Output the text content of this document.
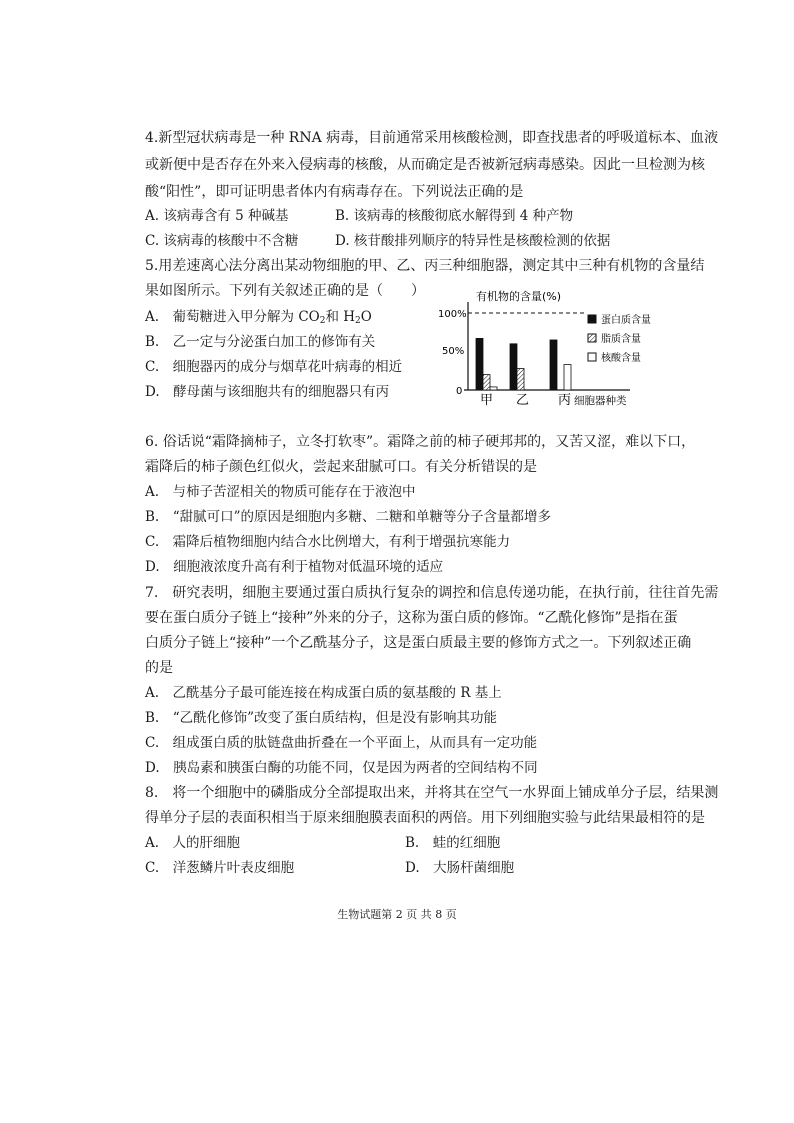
4.新型冠状病毒是一种 RNA 病毒，目前通常采用核酸检测，即查找患者的呼吸道标本、血液
或新便中是否存在外来入侵病毒的核酸，从而确定是否被新冠病毒感染。因此一旦检测为核
酸“阳性”，即可证明患者体内有病毒存在。下列说法正确的是
A. 该病毒含有 5 种碱基	B. 该病毒的核酸彻底水解得到 4 种产物
C. 该病毒的核酸中不含糖	D. 核苷酸排列顺序的特异性是核酸检测的依据
5.用差速离心法分离出某动物细胞的甲、乙、丙三种细胞器，测定其中三种有机物的含量结
果如图所示。下列有关叙述正确的是（　　）
A.　葡萄糖进入甲分解为 $CO_2$和 $H_2O$
B.　乙一定与分泌蛋白加工的修饰有关
C.　细胞器丙的成分与烟草花叶病毒的相近
D.　酵母菌与该细胞共有的细胞器只有丙
有机物的含量(%)
100%
50%
0
甲 乙 丙 细胞器种类
蛋白质含量
脂质含量
核酸含量
6. 俗话说“霜降摘柿子，立冬打软枣”。霜降之前的柿子硬邦邦的，又苦又涩，难以下口，
霜降后的柿子颜色红似火，尝起来甜腻可口。有关分析错误的是
A.　与柿子苦涩相关的物质可能存在于液泡中
B.　“甜腻可口”的原因是细胞内多糖、二糖和单糖等分子含量都增多
C.　霜降后植物细胞内结合水比例增大，有利于增强抗寒能力
D.　细胞液浓度升高有利于植物对低温环境的适应
7.　研究表明，细胞主要通过蛋白质执行复杂的调控和信息传递功能，在执行前，往往首先需
要在蛋白质分子链上“接种”外来的分子，这称为蛋白质的修饰。“乙酰化修饰”是指在蛋
白质分子链上“接种”一个乙酰基分子，这是蛋白质最主要的修饰方式之一。下列叙述正确
的是
A.　乙酰基分子最可能连接在构成蛋白质的氨基酸的 R 基上
B.　“乙酰化修饰”改变了蛋白质结构，但是没有影响其功能
C.　组成蛋白质的肽链盘曲折叠在一个平面上，从而具有一定功能
D.　胰岛素和胰蛋白酶的功能不同，仅是因为两者的空间结构不同
8.　将一个细胞中的磷脂成分全部提取出来，并将其在空气一水界面上铺成单分子层，结果测
得单分子层的表面积相当于原来细胞膜表面积的两倍。用下列细胞实验与此结果最相符的是
A.　人的肝细胞	B.　蛙的红细胞
C.　洋葱鳞片叶表皮细胞	D.　大肠杆菌细胞
生物试题第 2 页 共 8 页
